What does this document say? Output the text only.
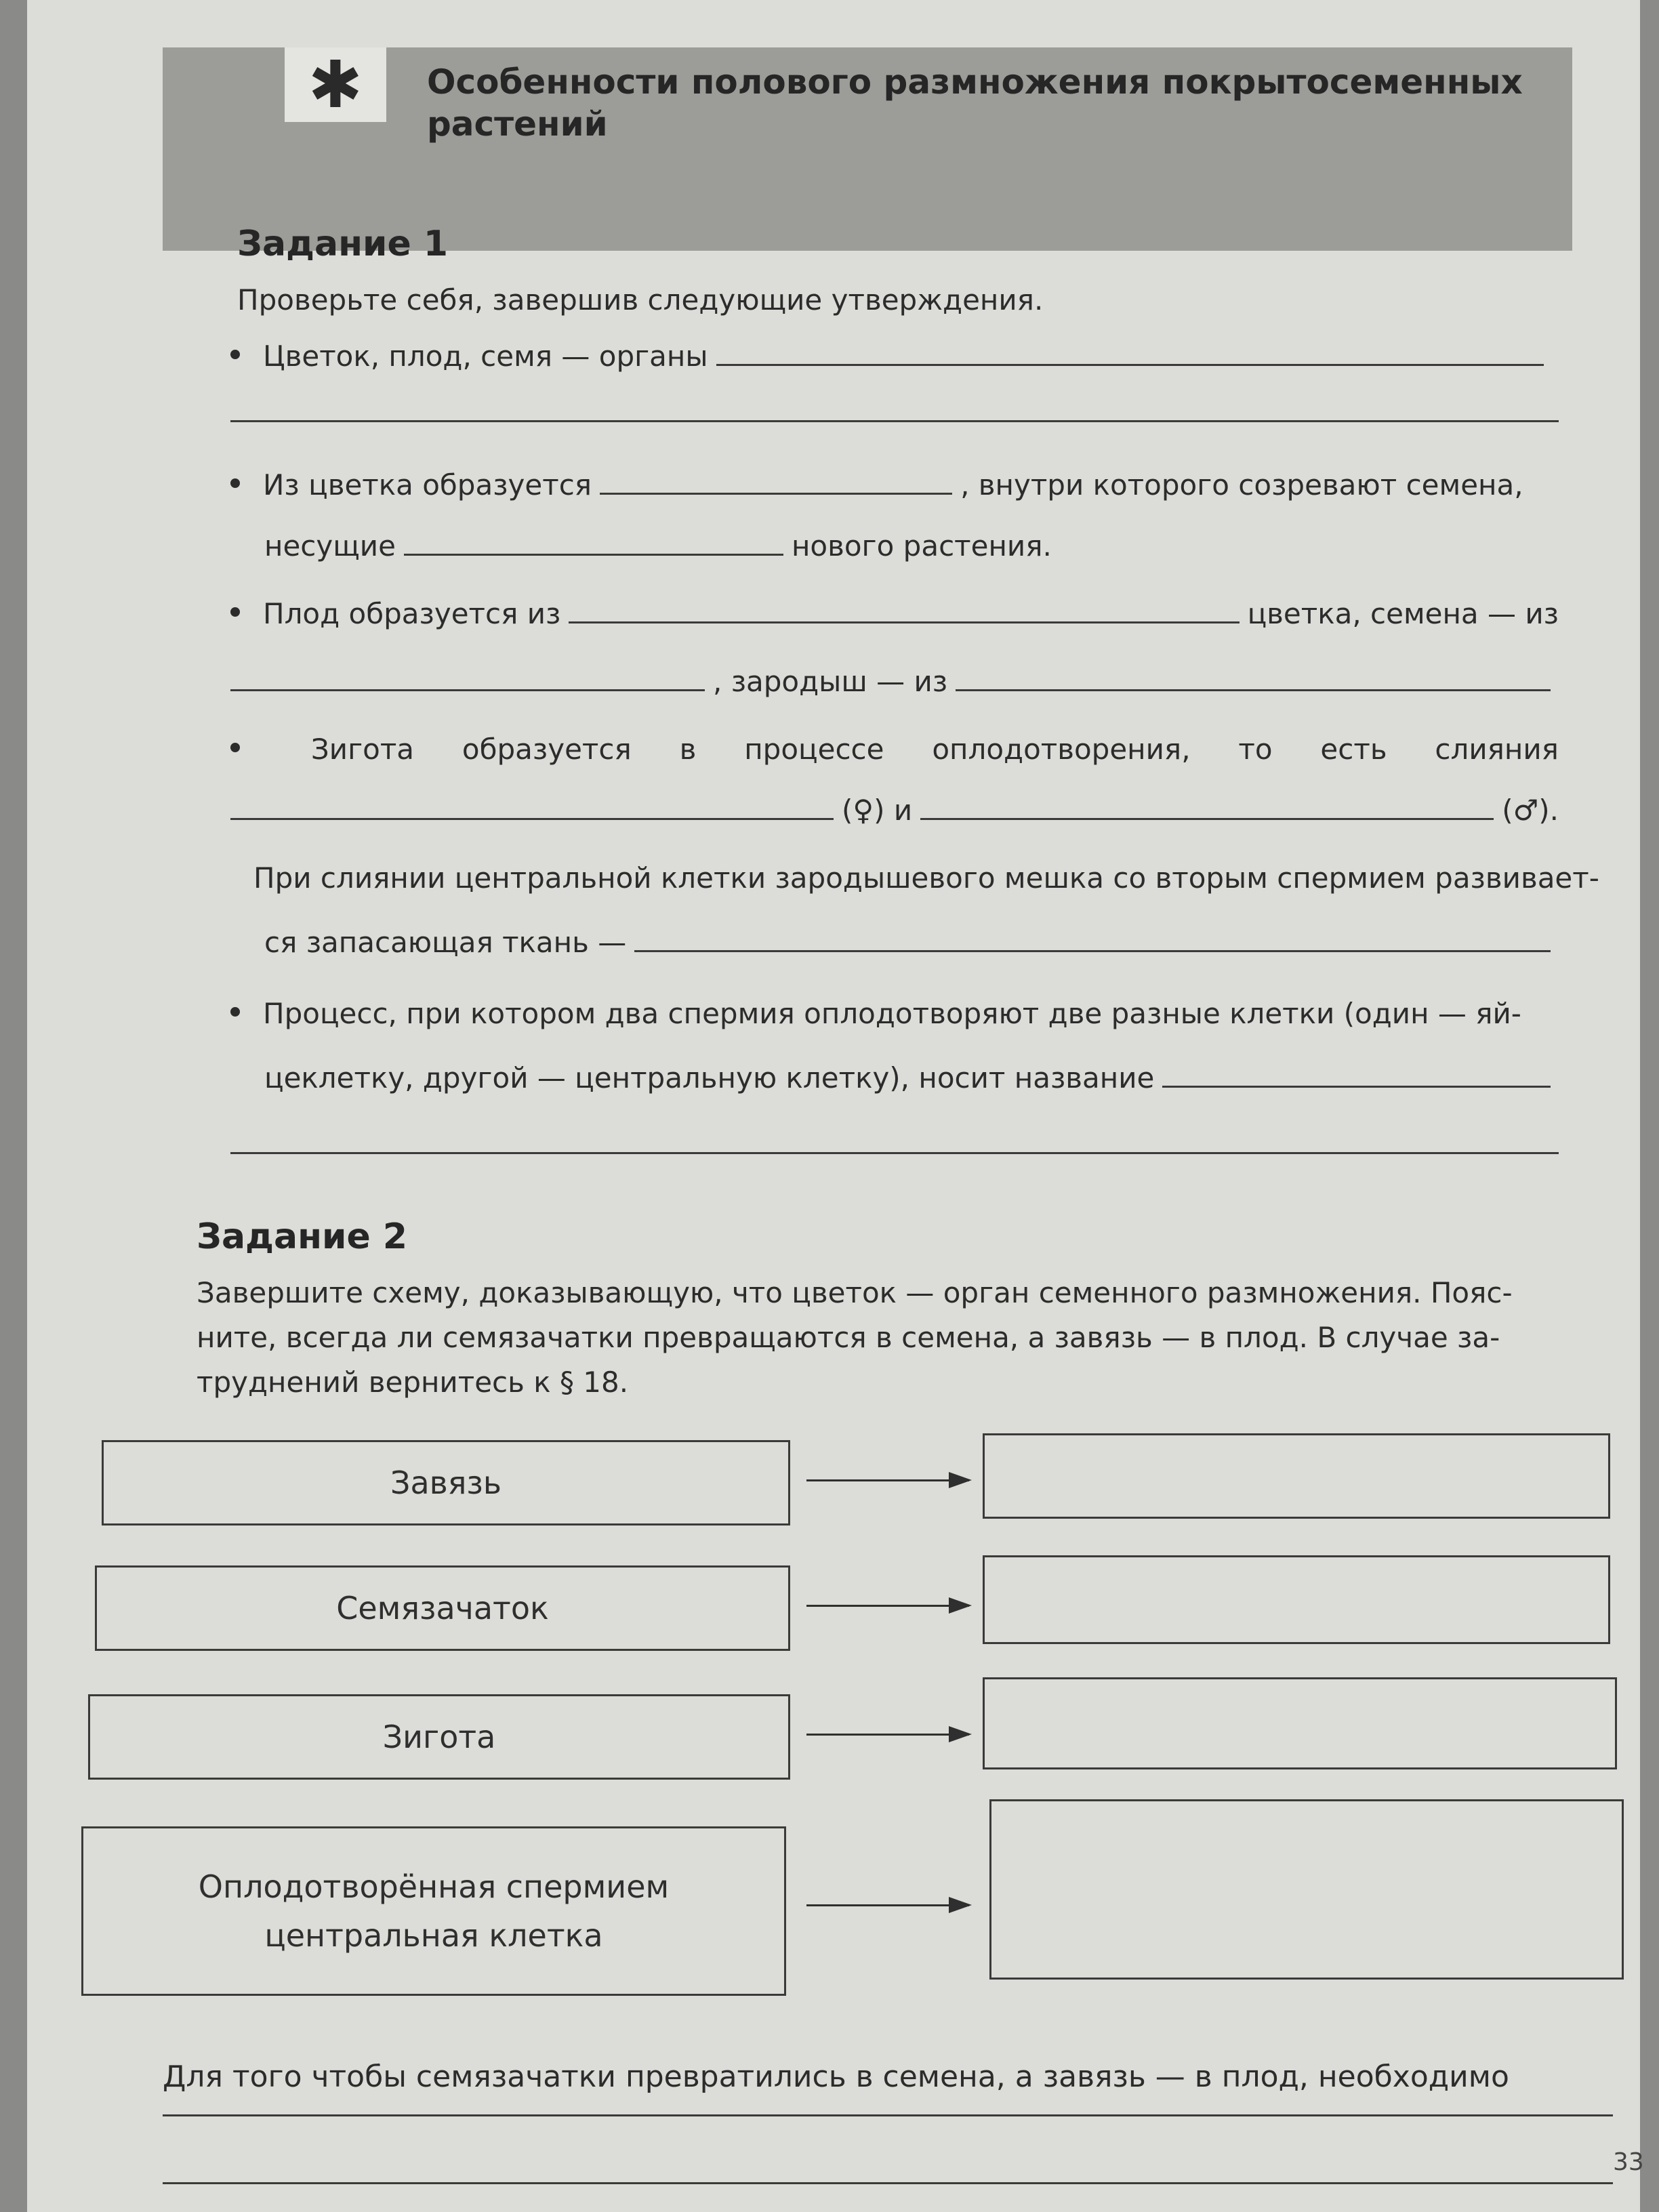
✱ Особенности полового размножения покрытосеменных растений
Задание 1
Проверьте себя, завершив следующие утверждения.
Цветок, плод, семя — органы
Из цветка образуется	, внутри которого созревают семена,
несущие	нового растения.
Плод образуется из	цветка, семена — из
, зародыш — из
Зигота образуется в процессе оплодотворения, то есть слияния
(♀) и	(♂).
При слиянии центральной клетки зародышевого мешка со вторым спермием развивает-
ся запасающая ткань —
Процесс, при котором два спермия оплодотворяют две разные клетки (один — яй-
цеклетку, другой — центральную клетку), носит название
Задание 2
Завершите схему, доказывающую, что цветок — орган семенного размножения. Пояс-
ните, всегда ли семязачатки превращаются в семена, а завязь — в плод. В случае за-
труднений вернитесь к § 18.
Завязь
Семязачаток
Зигота
Оплодотворённая спермием центральная клетка
Для того чтобы семязачатки превратились в семена, а завязь — в плод, необходимо
33
